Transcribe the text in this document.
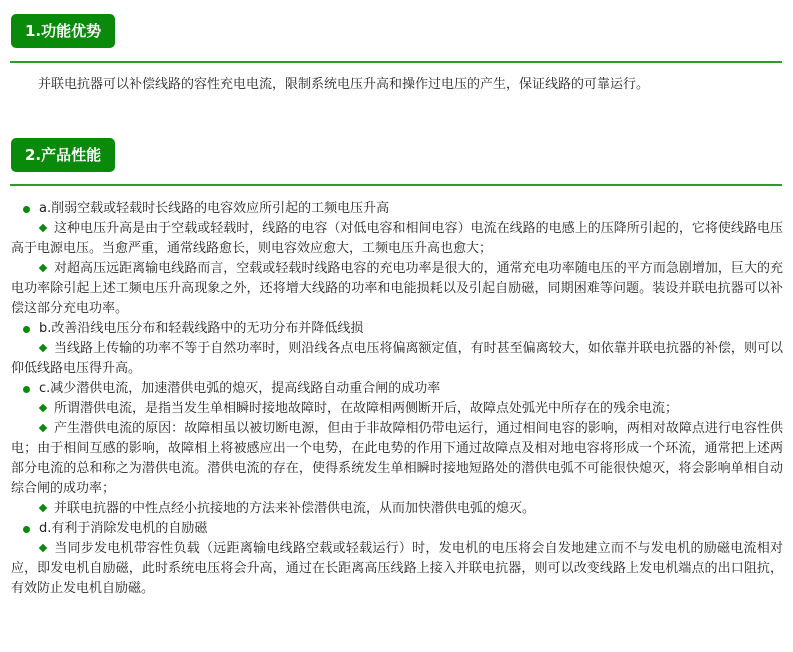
1.功能优势
并联电抗器可以补偿线路的容性充电电流，限制系统电压升高和操作过电压的产生，保证线路的可靠运行。
2.产品性能

a.削弱空载或轻载时长线路的电容效应所引起的工频电压升高

这种电压升高是由于空载或轻载时，线路的电容（对低电容和相间电容）电流在线路的电感上的压降所引起的，它将使线路电压高于电源电压。当愈严重，通常线路愈长，则电容效应愈大，工频电压升高也愈大；

对超高压远距离输电线路而言，空载或轻载时线路电容的充电功率是很大的，通常充电功率随电压的平方而急剧增加，巨大的充电功率除引起上述工频电压升高现象之外，还将增大线路的功率和电能损耗以及引起自励磁，同期困难等问题。装设并联电抗器可以补偿这部分充电功率。

b.改善沿线电压分布和轻载线路中的无功分布并降低线损

当线路上传输的功率不等于自然功率时，则沿线各点电压将偏离额定值，有时甚至偏离较大，如依靠并联电抗器的补偿，则可以仰低线路电压得升高。

c.减少潜供电流，加速潜供电弧的熄灭，提高线路自动重合闸的成功率

所谓潜供电流，是指当发生单相瞬时接地故障时，在故障相两侧断开后，故障点处弧光中所存在的残余电流；

产生潜供电流的原因：故障相虽以被切断电源，但由于非故障相仍带电运行，通过相间电容的影响，两相对故障点进行电容性供电；由于相间互感的影响，故障相上将被感应出一个电势，在此电势的作用下通过故障点及相对地电容将形成一个环流，通常把上述两部分电流的总和称之为潜供电流。潜供电流的存在，使得系统发生单相瞬时接地短路处的潜供电弧不可能很快熄灭，将会影响单相自动综合闸的成功率；

并联电抗器的中性点经小抗接地的方法来补偿潜供电流，从而加快潜供电弧的熄灭。

d.有利于消除发电机的自励磁

当同步发电机带容性负载（远距离输电线路空载或轻载运行）时，发电机的电压将会自发地建立而不与发电机的励磁电流相对应，即发电机自励磁，此时系统电压将会升高，通过在长距离高压线路上接入并联电抗器，则可以改变线路上发电机端点的出口阻抗，有效防止发电机自励磁。
